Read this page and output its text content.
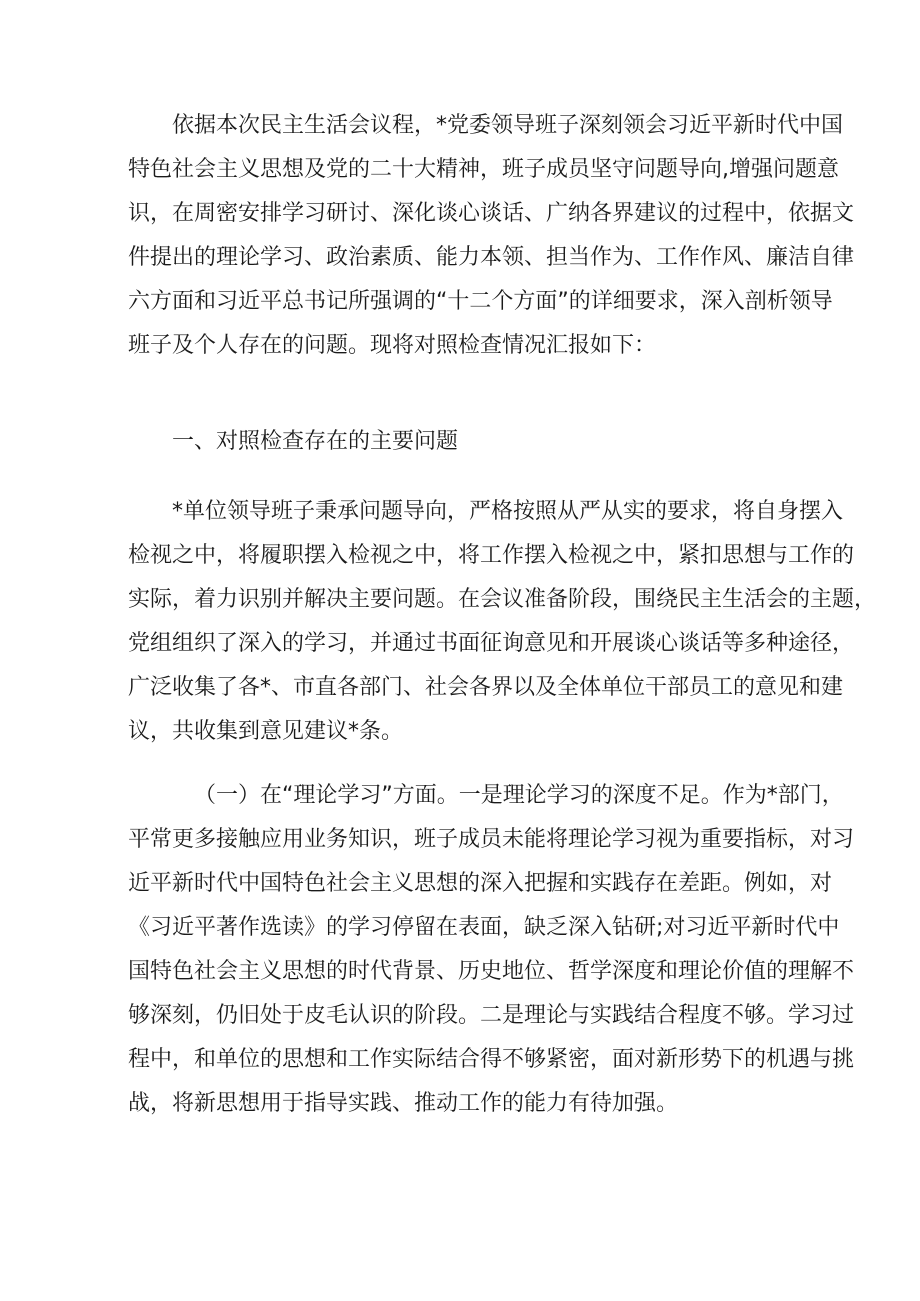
依据本次民主生活会议程，*党委领导班子深刻领会习近平新时代中国
特色社会主义思想及党的二十大精神，班子成员坚守问题导向,增强问题意
识，在周密安排学习研讨、深化谈心谈话、广纳各界建议的过程中，依据文
件提出的理论学习、政治素质、能力本领、担当作为、工作作风、廉洁自律
六方面和习近平总书记所强调的“十二个方面”的详细要求，深入剖析领导
班子及个人存在的问题。现将对照检查情况汇报如下：
一、对照检查存在的主要问题
*单位领导班子秉承问题导向，严格按照从严从实的要求，将自身摆入
检视之中，将履职摆入检视之中，将工作摆入检视之中，紧扣思想与工作的
实际，着力识别并解决主要问题。在会议准备阶段，围绕民主生活会的主题，
党组组织了深入的学习，并通过书面征询意见和开展谈心谈话等多种途径，
广泛收集了各*、市直各部门、社会各界以及全体单位干部员工的意见和建
议，共收集到意见建议*条。
（一）在“理论学习”方面。一是理论学习的深度不足。作为*部门，
平常更多接触应用业务知识，班子成员未能将理论学习视为重要指标，对习
近平新时代中国特色社会主义思想的深入把握和实践存在差距。例如，对
《习近平著作选读》的学习停留在表面，缺乏深入钻研;对习近平新时代中
国特色社会主义思想的时代背景、历史地位、哲学深度和理论价值的理解不
够深刻，仍旧处于皮毛认识的阶段。二是理论与实践结合程度不够。学习过
程中，和单位的思想和工作实际结合得不够紧密，面对新形势下的机遇与挑
战，将新思想用于指导实践、推动工作的能力有待加强。
